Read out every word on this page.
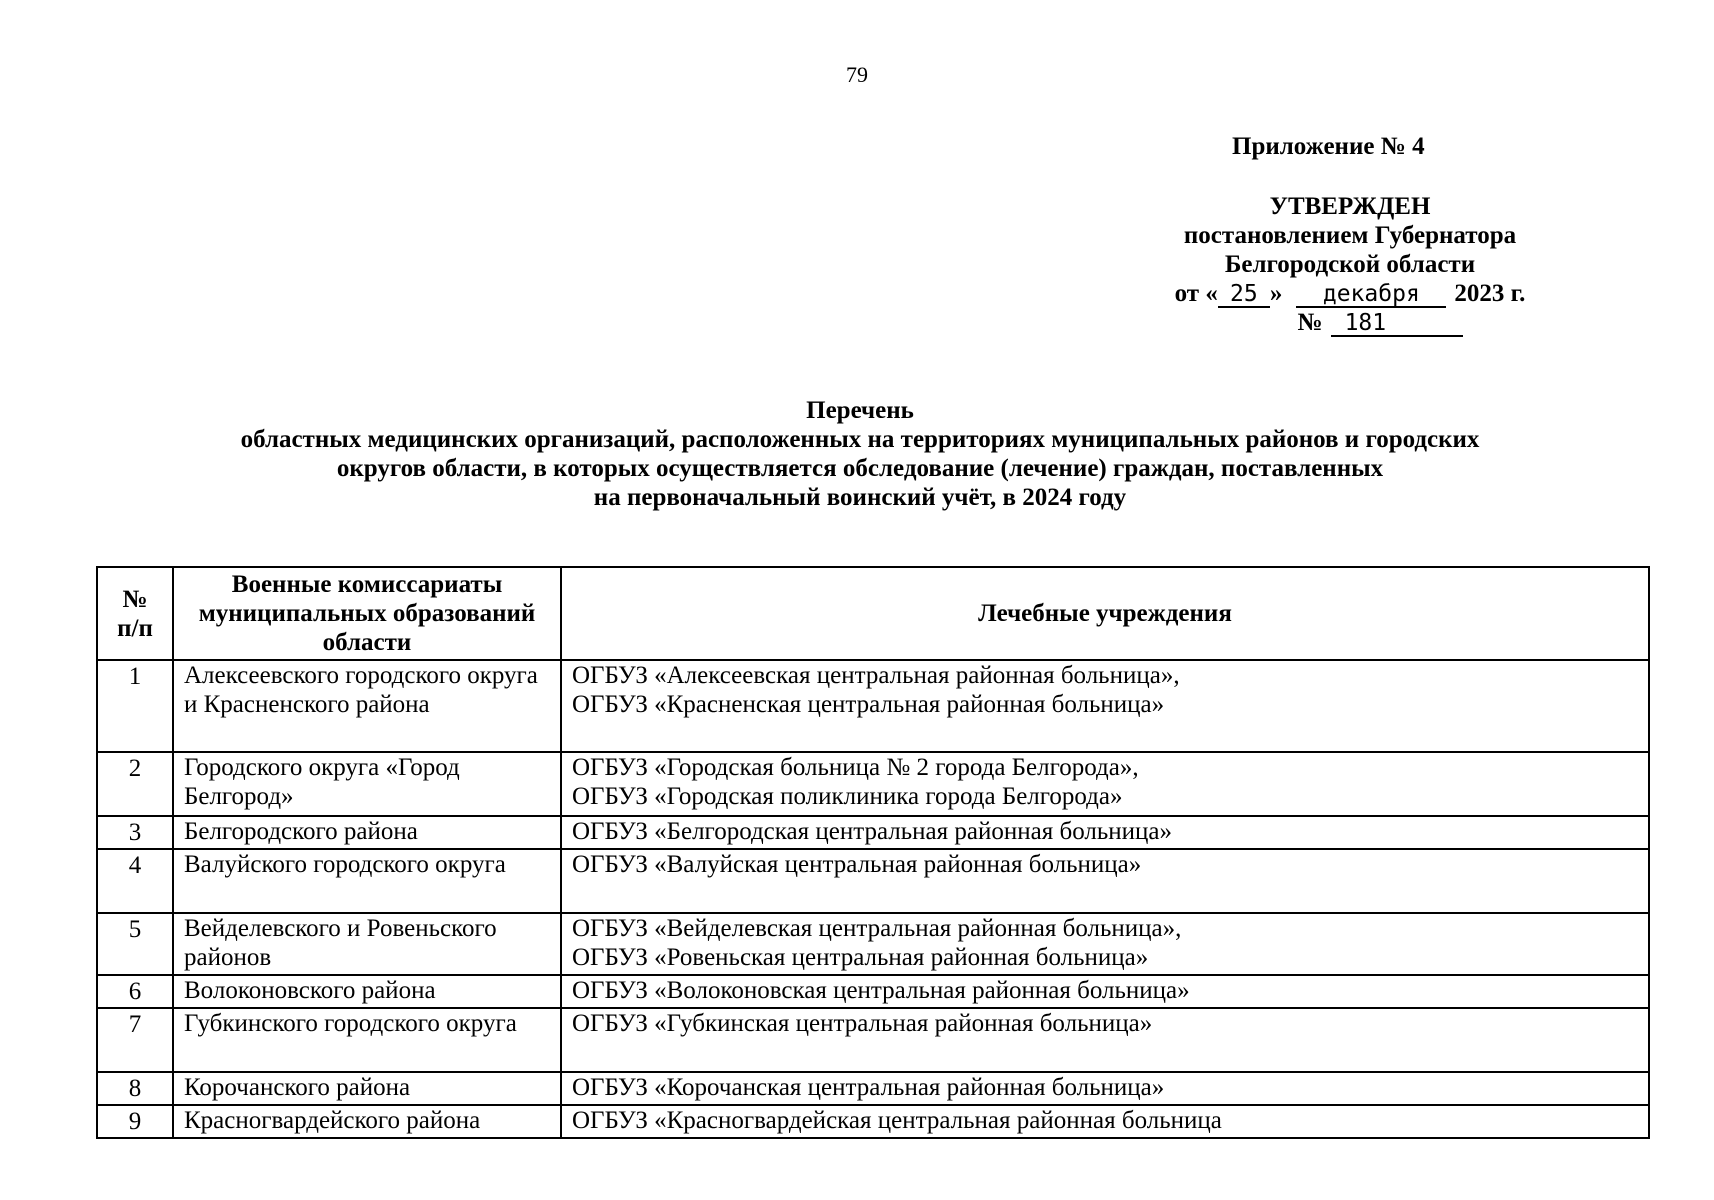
79
Приложение № 4
УТВЕРЖДЕН
постановлением Губернатора
Белгородской области
от « 25 »	декабря	2023 г.
№ 181
Перечень
областных медицинских организаций, расположенных на территориях муниципальных районов и городских
округов области, в которых осуществляется обследование (лечение) граждан, поставленных
на первоначальный воинский учёт, в 2024 году
№ п/п	Военные комиссариаты муниципальных образований области	Лечебные учреждения
1	Алексеевского городского округа и Красненского района	ОГБУЗ «Алексеевская центральная районная больница»,
ОГБУЗ «Красненская центральная районная больница»

2	Городского округа «Город Белгород»	ОГБУЗ «Городская больница № 2 города Белгорода»,
ОГБУЗ «Городская поликлиника города Белгорода»

3	Белгородского района	ОГБУЗ «Белгородская центральная районная больница»

4	Валуйского городского округа	ОГБУЗ «Валуйская центральная районная больница»

5	Вейделевского и Ровеньского районов	ОГБУЗ «Вейделевская центральная районная больница»,
ОГБУЗ «Ровеньская центральная районная больница»

6	Волоконовского района	ОГБУЗ «Волоконовская центральная районная больница»

7	Губкинского городского округа	ОГБУЗ «Губкинская центральная районная больница»

8	Корочанского района	ОГБУЗ «Корочанская центральная районная больница»

9	Красногвардейского района	ОГБУЗ «Красногвардейская центральная районная больница
